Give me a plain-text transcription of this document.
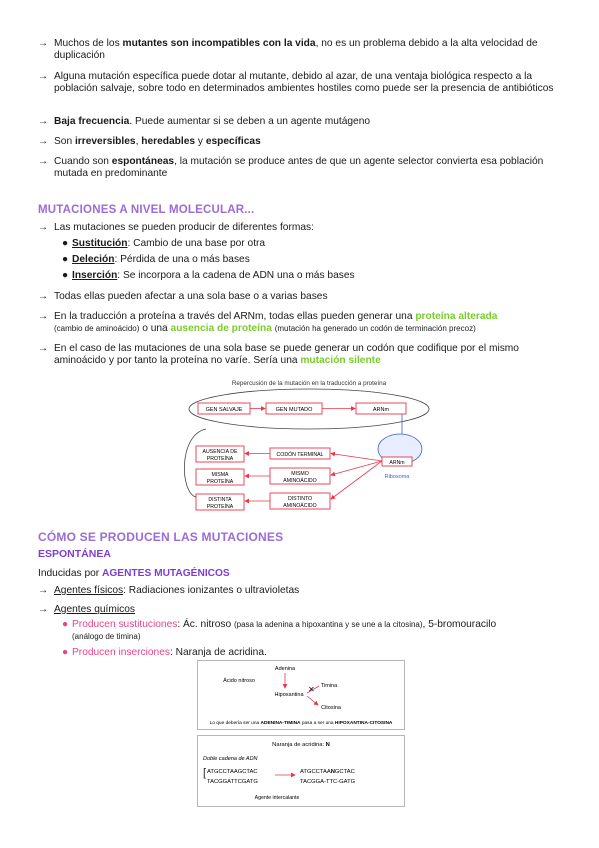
→ Muchos de los mutantes son incompatibles con la vida, no es un problema debido a la alta velocidad de duplicación
→ Alguna mutación específica puede dotar al mutante, debido al azar, de una ventaja biológica respecto a la población salvaje, sobre todo en determinados ambientes hostiles como puede ser la presencia de antibióticos
→ Baja frecuencia. Puede aumentar si se deben a un agente mutágeno
→ Son irreversibles, heredables y específicas
→ Cuando son espontáneas, la mutación se produce antes de que un agente selector convierta esa población mutada en predominante
MUTACIONES A NIVEL MOLECULAR...
→ Las mutaciones se pueden producir de diferentes formas:
● Sustitución: Cambio de una base por otra
● Deleción: Pérdida de una o más bases
● Inserción: Se incorpora a la cadena de ADN una o más bases
→ Todas ellas pueden afectar a una sola base o a varias bases
→ En la traducción a proteína a través del ARNm, todas ellas pueden generar una proteína alterada
(cambio de aminoácido) o una ausencia de proteína (mutación ha generado un codón de terminación precoz)
→ En el caso de las mutaciones de una sola base se puede generar un codón que codifique por el mismo aminoácido y por tanto la proteína no varíe. Sería una mutación silente
Repercusión de la mutación en la traducción a proteína
GEN SALVAJE	GEN MUTADO	ARNm
AUSENCIA DE
PROTEÍNA
MISMA
PROTEÍNA
DISTINTA
PROTEÍNA
CODÓN TERMINAL
MISMO
AMINOÁCIDO
DISTINTO
AMINOÁCIDO
ARNm
Ribosoma
CÓMO SE PRODUCEN LAS MUTACIONES
ESPONTÁNEA
Inducidas por AGENTES MUTAGÉNICOS
→ Agentes físicos: Radiaciones ionizantes o ultravioletas
→ Agentes químicos
● Producen sustituciones: Ác. nitroso (pasa la adenina a hipoxantina y se une a la citosina), 5-bromouracilo
(análogo de timina)
● Producen inserciones: Naranja de acridina.
Adenina
Ácido nitroso
Hipoxantina
Timina
✕
Citosina
Lo que debería ser una ADENINA-TIMINA pasa a ser una HIPOXANTINA-CITOSINA
Naranja de acridina: N
Doble cadena de ADN
[ ATGCCTAAGCTAC
TACGGATTCGATG
ATGCCTAANGCTAC
TACGGA-TTC-GATG
Agente intercalante
